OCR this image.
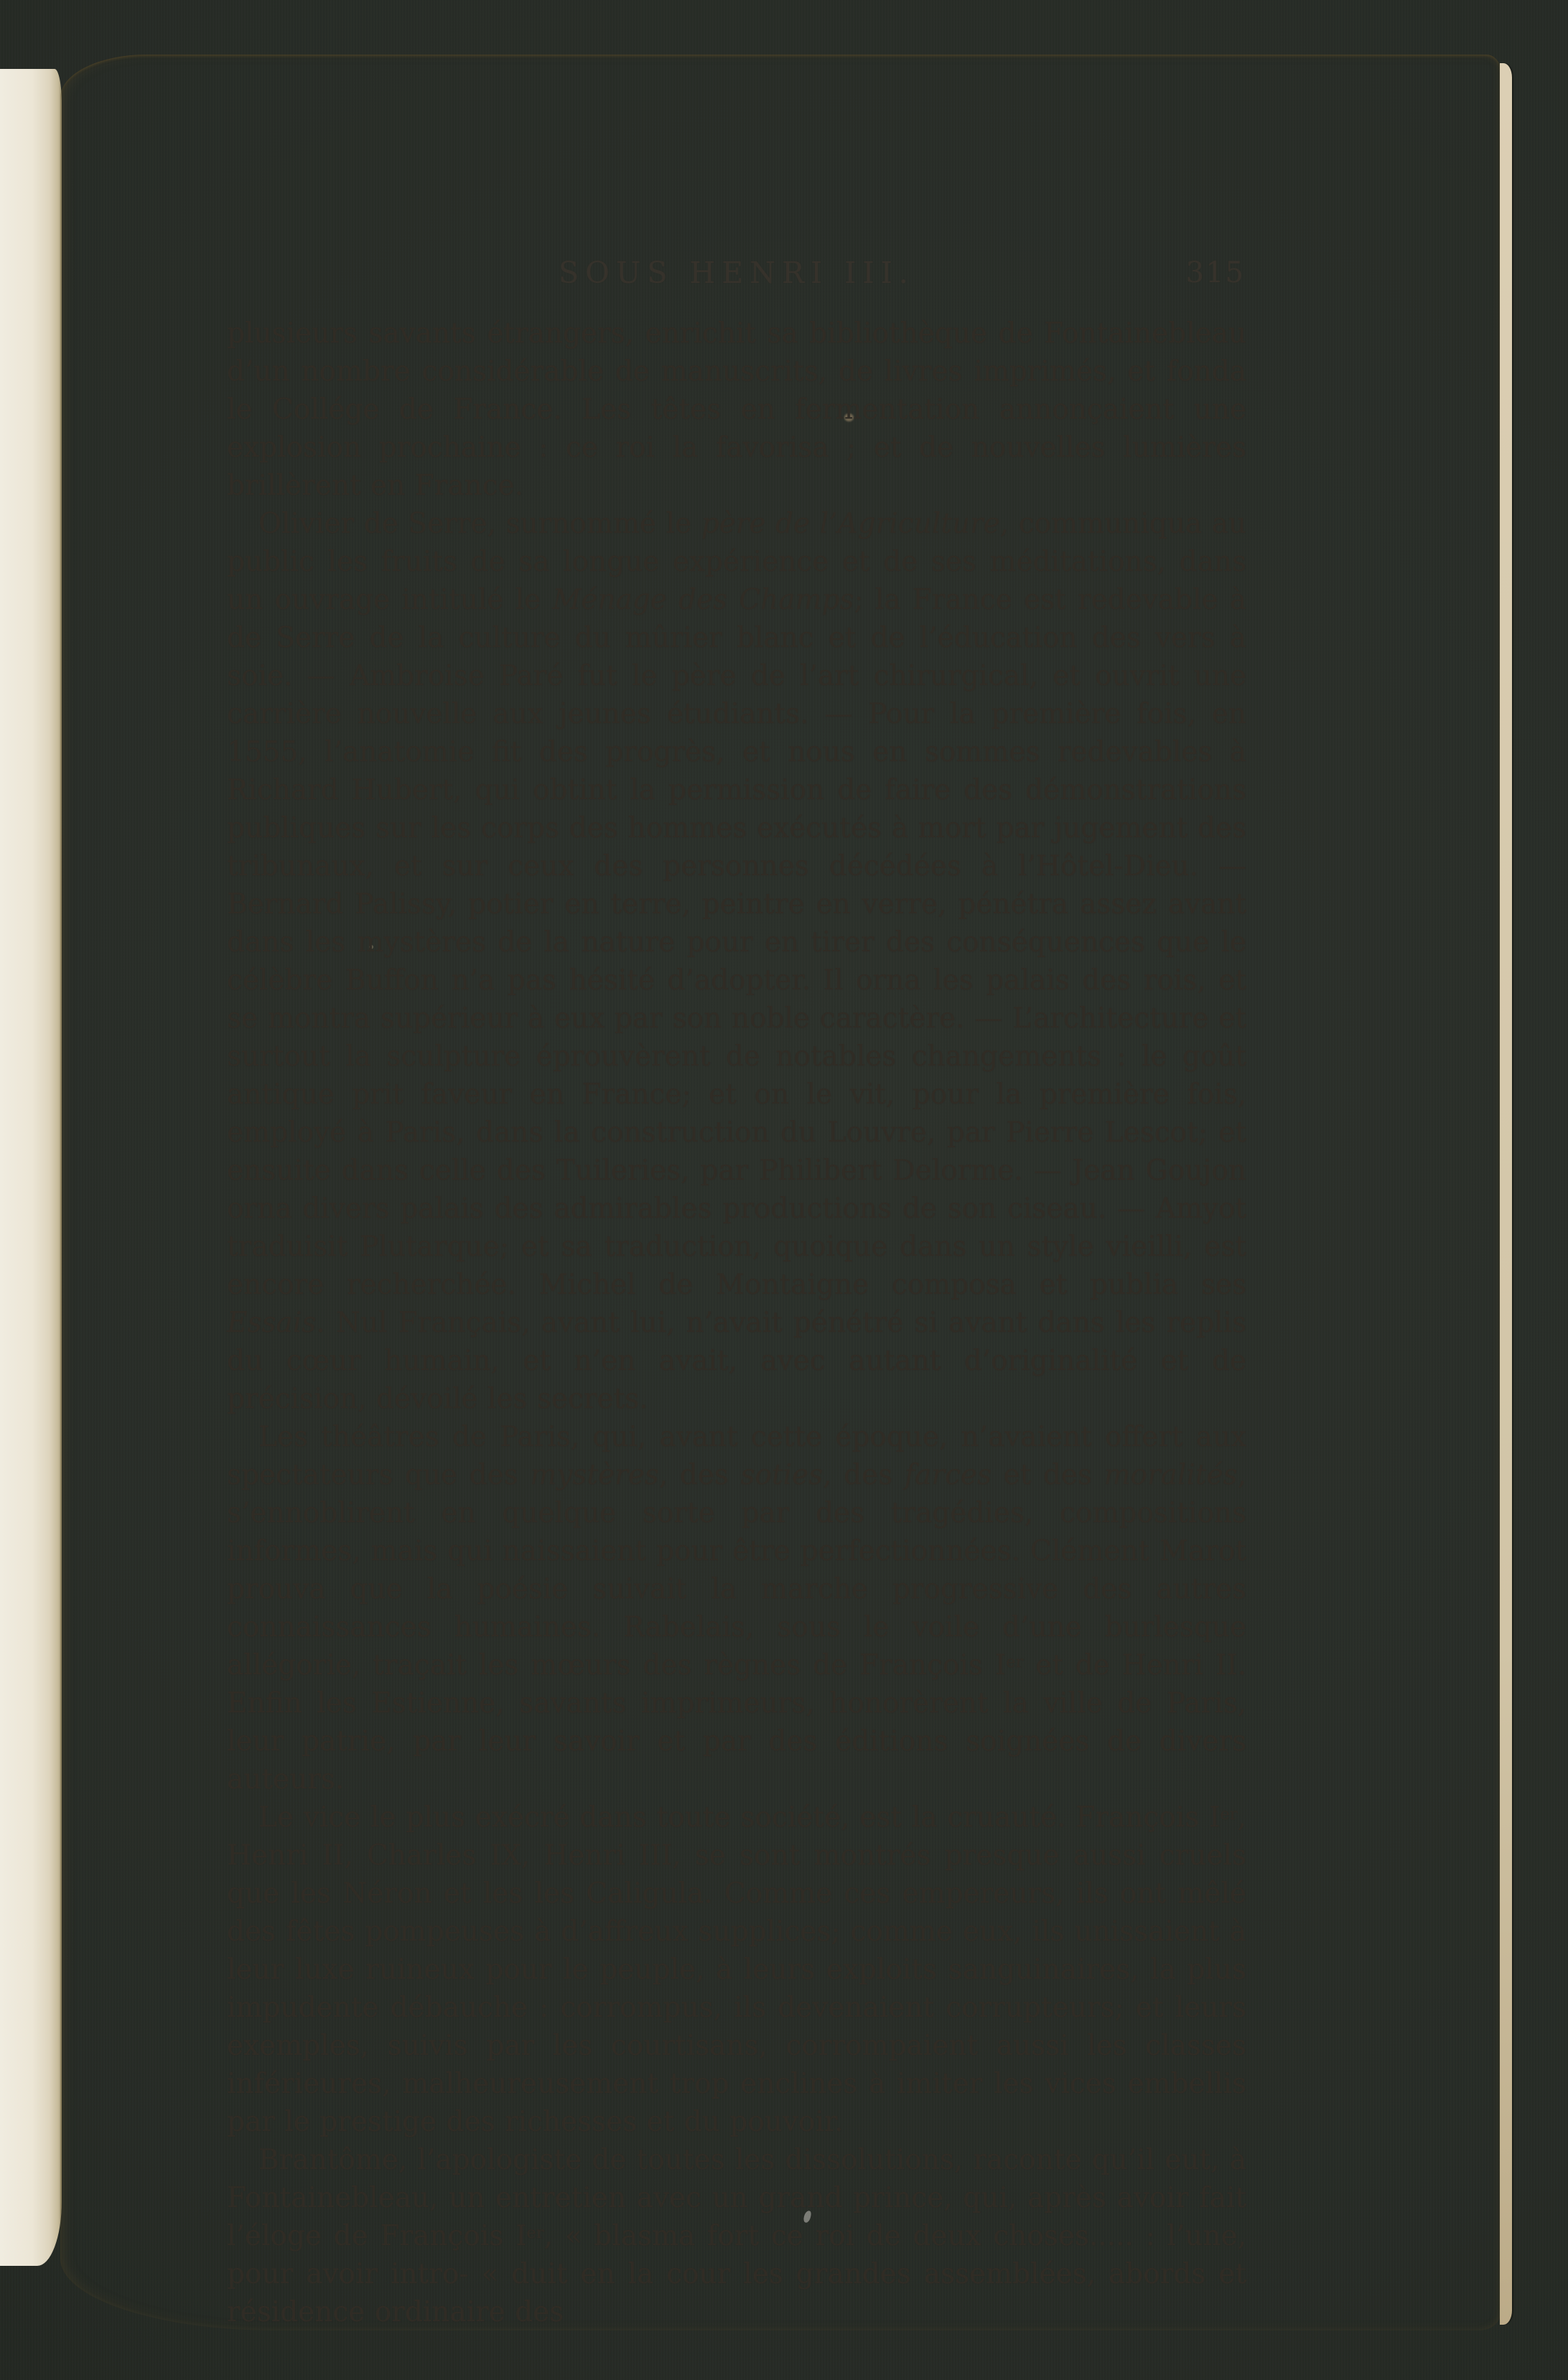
SOUS HENRI III.	315

plusieurs savants étrangers, enrichit sa bibliothèque de Fontainebleau d’un nombre considérable de manuscrits, de livres imprimés, et fonda le Collége de France. Les têtes en fermentation annonçaient une explosion prochaine : ce roi la favorisa ; et de nouvelles lumières brillèrent en France.

Olivier de Serre, surnommé le père de l’Agriculture, communiqua au public les fruits de sa longue expérience et de ses méditations, dans un ouvrage intitulé le Ménage des Champs; la France est redevable à de Serre de la culture du mûrier blanc et de l’éducation des vers à soie. — Ambroise Paré fut le père de l’art chirurgical, et ouvrit une carrière nouvelle aux jeunes étudiants. — Pour la première fois, en 1555, l’anatomie fit des progrès, et nous en sommes redevables à Richard Hubert, qui obtint la permission de faire des démonstrations publiques sur les corps des hommes exécutés à mort par jugement des tribunaux, et sur ceux des personnes décédées à l’Hôtel-Dieu. — Bernard Palissy, potier en terre, peintre en verre, pénétra assez avant dans les mystères de la nature pour en tirer des conséquences que le célèbre Buffon n’a pas hésité d’adopter. Il orna les palais des rois, et se montra supérieur à eux par son noble caractère. — L’architecture et surtout la sculpture éprouvèrent de notables changements : le goût antique prit faveur en France; et on le vit, pour la première fois, employé à Paris, dans la construction du Louvre, par Pierre Lescot; et ensuite dans celle des Tuileries, par Philibert Delorme. — Jean Goujon orna divers palais des admirables productions de son ciseau. — Amyot traduisit Plutarque; et sa traduction, quoique dans un style vieilli, est encore recherchée. Michel de Montaigne composa et publia ses Essais. Nul Français, avant lui, n’avait pénétré si avant dans les replis du cœur humain, et n’en avait, avec autant d’originalité et de précision, dévoilé les secrets.

Les théâtres de Paris, qui, avant cette époque, n’avaient offert aux spectateurs que des mystères, des soties, des farces et des moralités, s’ennoblirent en quelque sorte par des tragédies, compositions informes, mais qui naissaient pour être perfectionnées. Clément Marot prouva que la poésie suivait la marche progressive des autres connaissances humaines. Rabelais, sous le voile d’une burlesque allégorie, traçait les mœurs des règnes de François Ier et de Henri II. Enfin les Estienne, savants imprimeurs, honorèrent la ville de Paris, leur patrie, par leur savoir et par des éditions soignées de divers auteurs.

Le vice le plus exécré dans toute société, est la cruauté. François Ier, Henri II, Charles IX, Henri III, se sont montrés presque aussi cruels que les Néron et les les Caligula. Comme ces empereurs, ils ont mêlé des fêtes pompeuses à d’affreux supplices; comme eux, ils unissaient à leur luxe ruineux pour le peuple, à leurs exploits sanguinaires, la plus impudente débauche : corrompus, ils devenaient corrupteurs; et leurs exemples, suivis par les courtisans, corrompaient aussi les classes inférieures, malheureusement trop enclines à imiter les vices embellis par le prestige des richesses et du pouvoir.

Brantôme, l’apologiste de toutes les dissolutions, raconte qu’il eut, à Fontainebleau, un entretien avec un grand prince, qui, après avoir fait l’éloge de François Ier, « blasma fort ce roi de deux choses..... : l’une, pour avoir intro- « duit en la cour les grandes assemblées, abords et résidence ordinaire des
